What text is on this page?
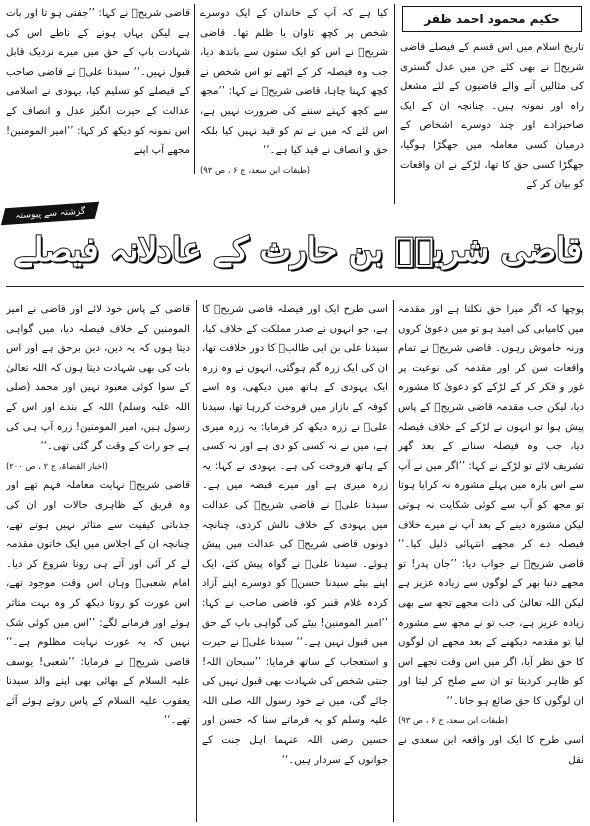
حکیم محمود احمد ظفر

تاریخ اسلام میں اس قسم کے فیصلے قاضی شریحؒ نے بھی کئے جن میں عدل گستری کی مثالیں آنے والے قاضیوں کے لئے مشعل راہ اور نمونہ ہیں۔ چنانچہ ان کے ایک صاحبزادے اور چند دوسرے اشخاص کے درمیان کسی معاملہ میں جھگڑا ہوگیا، جھگڑا کسی حق کا تھا، لڑکے نے ان واقعات کو بیان کر کے

کیا ہے کہ آپ کے خاندان کے ایک دوسرے شخص پر کچھ تاوان یا ظلم تھا۔ قاضی شریحؒ نے اس کو ایک ستون سے باندھ دیا، جب وہ فیصلہ کر کے اٹھے تو اس شخص نے کچھ کہنا چاہا، قاضی شریحؒ نے کہا: ’’مجھ سے کچھ کہنے سننے کی ضرورت نہیں ہے، اس لئے کہ میں نے تم کو قید نہیں کیا بلکہ حق و انصاف نے قید کیا ہے۔‘‘

(طبقات ابن سعد، ج ۶ ، ص ۹۳)

قاضی شریحؒ نے کہا: ’’جفتی ہو تا اور بات ہے لیکن یہاں ہونے کے ناطے اس کی شہادت باپ کے حق میں میرے نزدیک قابل قبول نہیں۔‘‘ سیدنا علیؓ نے قاضی صاحب کے فیصلے کو تسلیم کیا، یہودی نے اسلامی عدالت کے حیرت انگیز عدل و انصاف کے اس نمونہ کو دیکھ کر کہا: ’’امیر المومنین! مجھے آپ اپنے

گزشتہ سے پیوستہ
قاضی شریحؒ بن حارث کے عادلانہ فیصلے

پوچھا کہ اگر میرا حق نکلتا ہے اور مقدمہ میں کامیابی کی امید ہو تو میں دعویٰ کروں ورنہ خاموش رہوں۔ قاضی شریحؒ نے تمام واقعات سن کر اور مقدمہ کی نوعیت پر غور و فکر کر کے لڑکے کو دعویٰ کا مشورہ دیا، لیکن جب مقدمہ قاضی شریحؒ کے پاس پیش ہوا تو انہوں نے لڑکے کے خلاف فیصلہ دیا، جب وہ فیصلہ سنانے کے بعد گھر تشریف لائے تو لڑکے نے کہا: ’’اگر میں نے آپ سے اس بارہ میں پہلے مشورہ نہ کرایا ہوتا تو مجھ کو آپ سے کوئی شکایت نہ ہوتی لیکن مشورہ دینے کے بعد آپ نے میرے خلاف فیصلہ دے کر مجھے انتہائی ذلیل کیا۔‘‘ قاضی شریحؒ نے جواب دیا: ’’جان پدر! تو مجھے دنیا بھر کے لوگوں سے زیادہ عزیز ہے لیکن اللہ تعالیٰ کی ذات مجھے تجھ سے بھی زیادہ عزیز ہے، جب تو نے مجھ سے مشورہ لیا تو مقدمہ دیکھنے کے بعد مجھے ان لوگوں کا حق نظر آیا، اگر میں اس وقت تجھے اس کو ظاہر کردیتا تو ان سے صلح کر لیتا اور ان لوگوں کا حق ضائع ہو جاتا۔‘‘

(طبقات ابن سعد، ج ۶ ، ص ۹۳)

اسی طرح کا ایک اور واقعہ ابن سعدی نے نقل

اسی طرح ایک اور فیصلہ قاضی شریحؒ کا ہے، جو انہوں نے صدر مملکت کے خلاف کیا، سیدنا علی بن ابی طالبؓ کا دور خلافت تھا، ان کی ایک زرہ گم ہوگئی، انہوں نے وہ زرہ ایک یہودی کے ہاتھ میں دیکھی، وہ اسے کوفہ کے بازار میں فروخت کررہا تھا، سیدنا علیؓ نے زرہ دیکھ کر فرمایا: یہ زرہ میری ہے، میں نے نہ کسی کو دی ہے اور نہ کسی کے ہاتھ فروخت کی ہے۔ یہودی نے کہا: یہ زرہ میری ہے اور میرے قبضہ میں ہے۔ سیدنا علیؓ نے قاضی شریحؒ کی عدالت میں یہودی کے خلاف نالش کردی، چنانچہ دونوں قاضی شریحؒ کی عدالت میں پیش ہوئے۔ سیدنا علیؓ نے گواہ پیش کئے، ایک اپنے بیٹے سیدنا حسنؓ کو دوسرے اپنے آزاد کردہ غلام قنبر کو، قاضی صاحب نے کہا: ’’امیر المومنین! بیٹے کی گواہی باپ کے حق میں قبول نہیں ہے۔‘‘ سیدنا علیؓ نے حیرت و استعجاب کے ساتھ فرمایا: ’’سبحان اللہ! جنتی شخص کی شہادت بھی قبول نہیں کی جائے گی، میں نے خود رسول اللہ صلی اللہ علیہ وسلم کو یہ فرماتے سنا کہ حسن اور حسین رضی اللہ عنہما اہل جنت کے جوانوں کے سردار ہیں۔‘‘

قاضی کے پاس خود لائے اور قاضی نے امیر المومنین کے خلاف فیصلہ دیا، میں گواہی دیتا ہوں کہ یہ دین، دین برحق ہے اور اس بات کی بھی شہادت دیتا ہوں کہ اللہ تعالیٰ کے سوا کوئی معبود نہیں اور محمد (صلی اللہ علیہ وسلم) اللہ کے بندے اور اس کے رسول ہیں، امیر المومنین! زرہ آپ ہی کی ہے جو رات کے وقت گر گئی تھی۔‘‘

(اخبار القضاۃ، ج ۲ ، ص ۲۰۰)

قاضی شریحؒ نہایت معاملہ فہم تھے اور وہ فریق کے ظاہری حالات اور ان کی جذباتی کیفیت سے متاثر نہیں ہوتے تھے، چنانچہ ان کے اجلاس میں ایک خاتون مقدمہ لے کر آئی اور آتے ہی رونا شروع کر دیا۔ امام شعبیؒ وہاں اس وقت موجود تھے، اس عورت کو روتا دیکھ کر وہ بہت متاثر ہوئے اور فرمانے لگے: ’’اس میں کوئی شک نہیں کہ یہ عورت نہایت مظلوم ہے۔‘‘ قاضی شریحؒ نے فرمایا: ’’شعبی! یوسف علیہ السلام کے بھائی بھی اپنے والد سیدنا یعقوب علیہ السلام کے پاس روتے ہوئے آئے تھے۔‘‘
